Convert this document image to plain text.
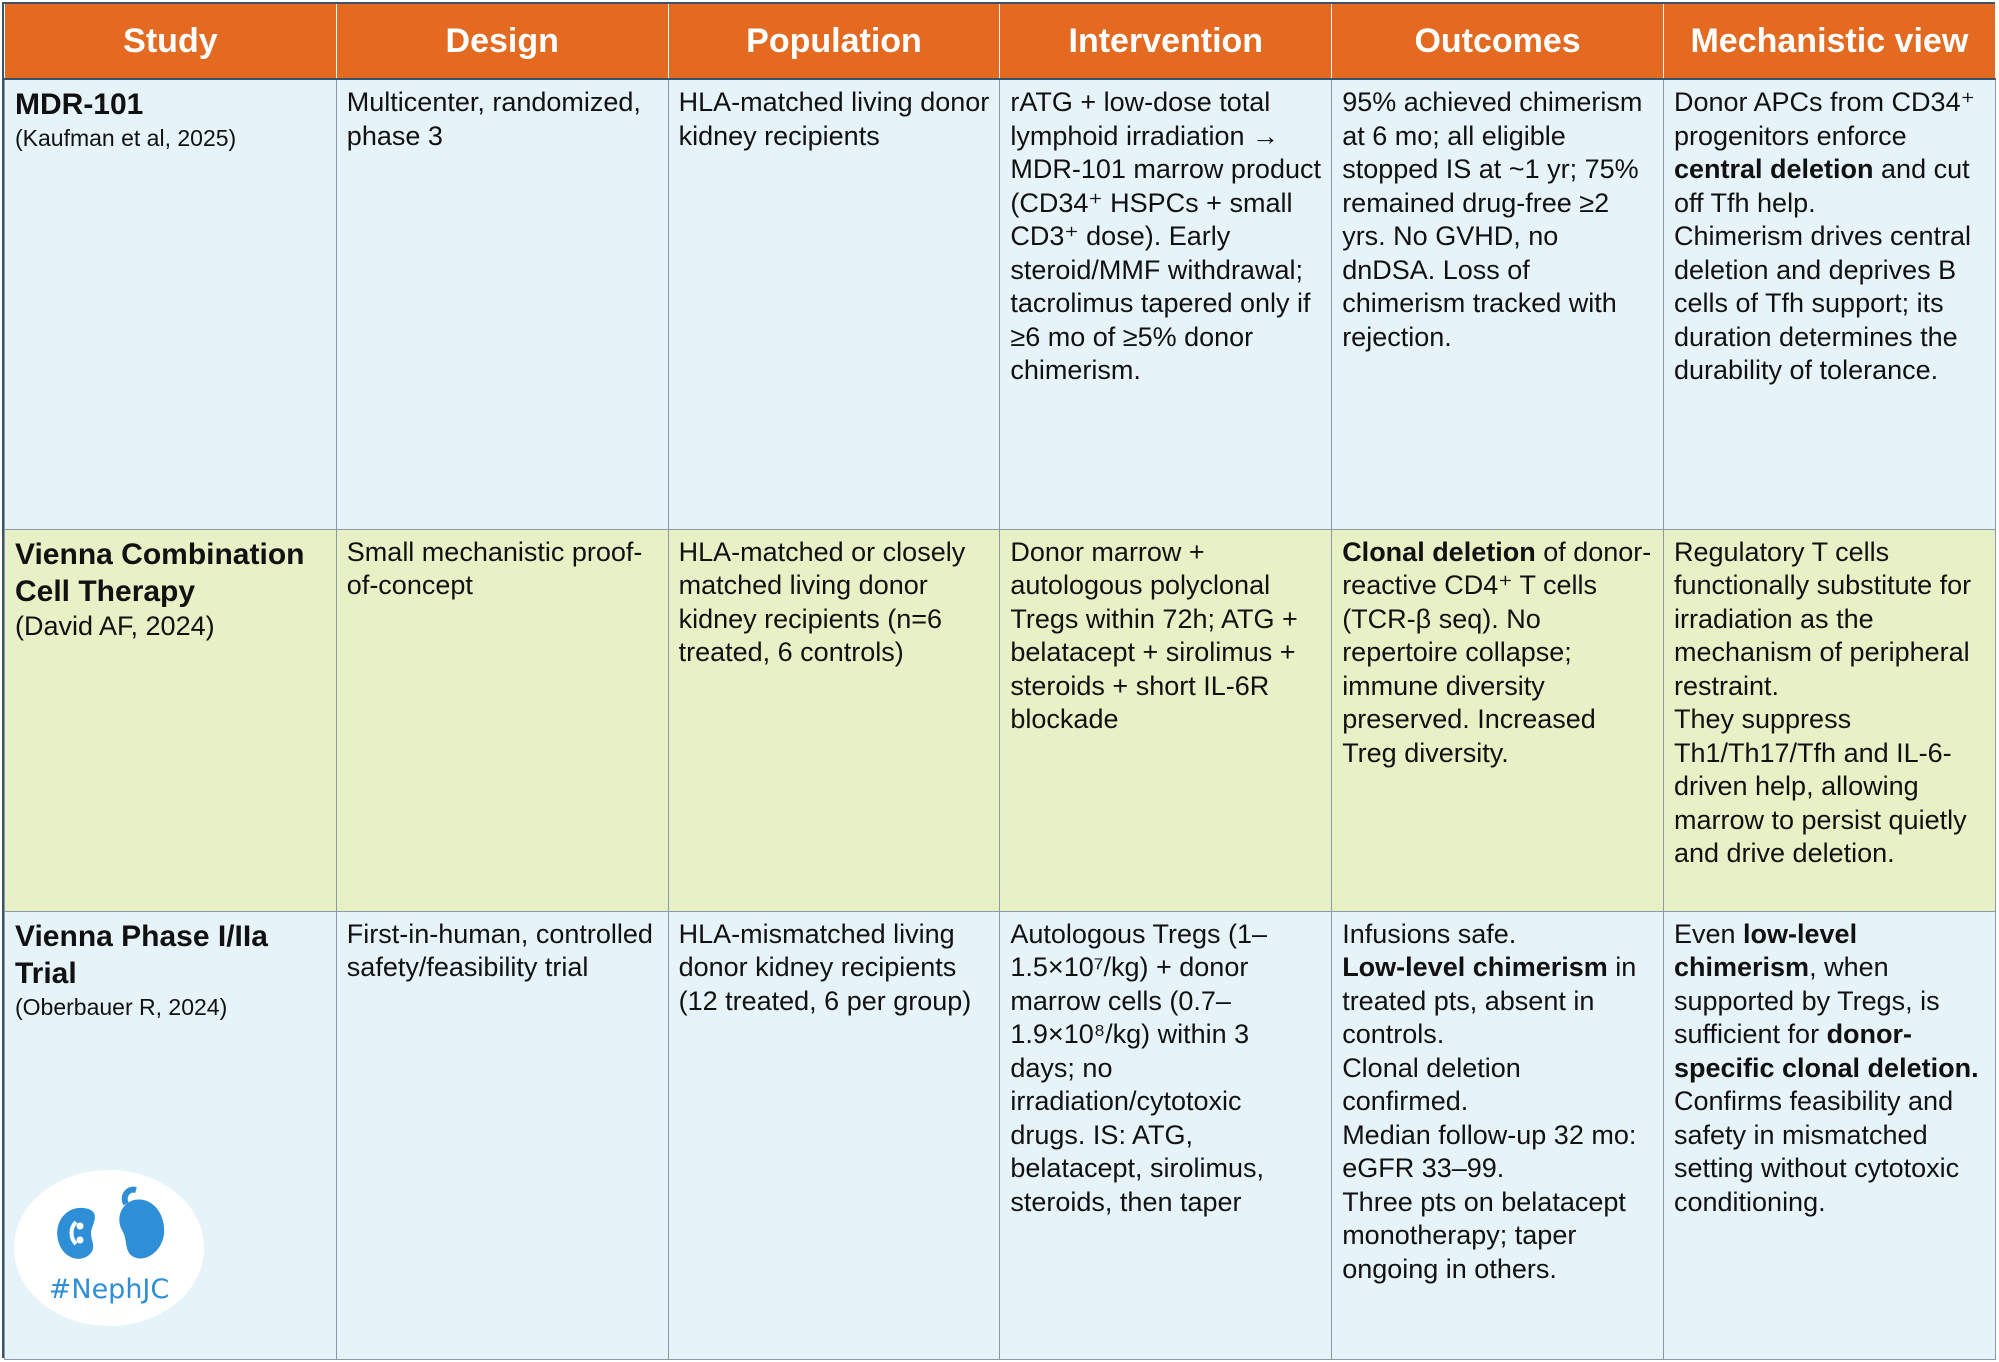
Study	Design	Population	Intervention	Outcomes	Mechanistic view

MDR-101
(Kaufman et al, 2025)	Multicenter, randomized, phase 3	HLA-matched living donor kidney recipients	rATG + low-dose total lymphoid irradiation → MDR-101 marrow product (CD34⁺ HSPCs + small CD3⁺ dose). Early steroid/MMF withdrawal; tacrolimus tapered only if ≥6 mo of ≥5% donor chimerism.	95% achieved chimerism at 6 mo; all eligible stopped IS at ~1 yr; 75% remained drug-free ≥2 yrs. No GVHD, no dnDSA. Loss of chimerism tracked with rejection.	Donor APCs from CD34⁺ progenitors enforce central deletion and cut off Tfh help.
Chimerism drives central deletion and deprives B cells of Tfh support; its duration determines the durability of tolerance.

Vienna Combination Cell Therapy
(David AF, 2024)	Small mechanistic proof-of-concept	HLA-matched or closely matched living donor kidney recipients (n=6 treated, 6 controls)	Donor marrow + autologous polyclonal Tregs within 72h; ATG + belatacept + sirolimus + steroids + short IL-6R blockade	Clonal deletion of donor-reactive CD4⁺ T cells (TCR-β seq). No repertoire collapse; immune diversity preserved. Increased Treg diversity.	Regulatory T cells functionally substitute for irradiation as the mechanism of peripheral restraint.
They suppress Th1/Th17/Tfh and IL-6-driven help, allowing marrow to persist quietly and drive deletion.

Vienna Phase I/IIa Trial
(Oberbauer R, 2024)	First-in-human, controlled safety/feasibility trial	HLA-mismatched living donor kidney recipients (12 treated, 6 per group)	Autologous Tregs (1–1.5×10⁷/kg) + donor marrow cells (0.7–1.9×10⁸/kg) within 3 days; no irradiation/cytotoxic drugs. IS: ATG, belatacept, sirolimus, steroids, then taper	Infusions safe.
Low-level chimerism in treated pts, absent in controls.
Clonal deletion confirmed.
Median follow-up 32 mo: eGFR 33–99.
Three pts on belatacept monotherapy; taper ongoing in others.	Even low-level chimerism, when supported by Tregs, is sufficient for donor-specific clonal deletion. Confirms feasibility and safety in mismatched setting without cytotoxic conditioning.
#NephJC
